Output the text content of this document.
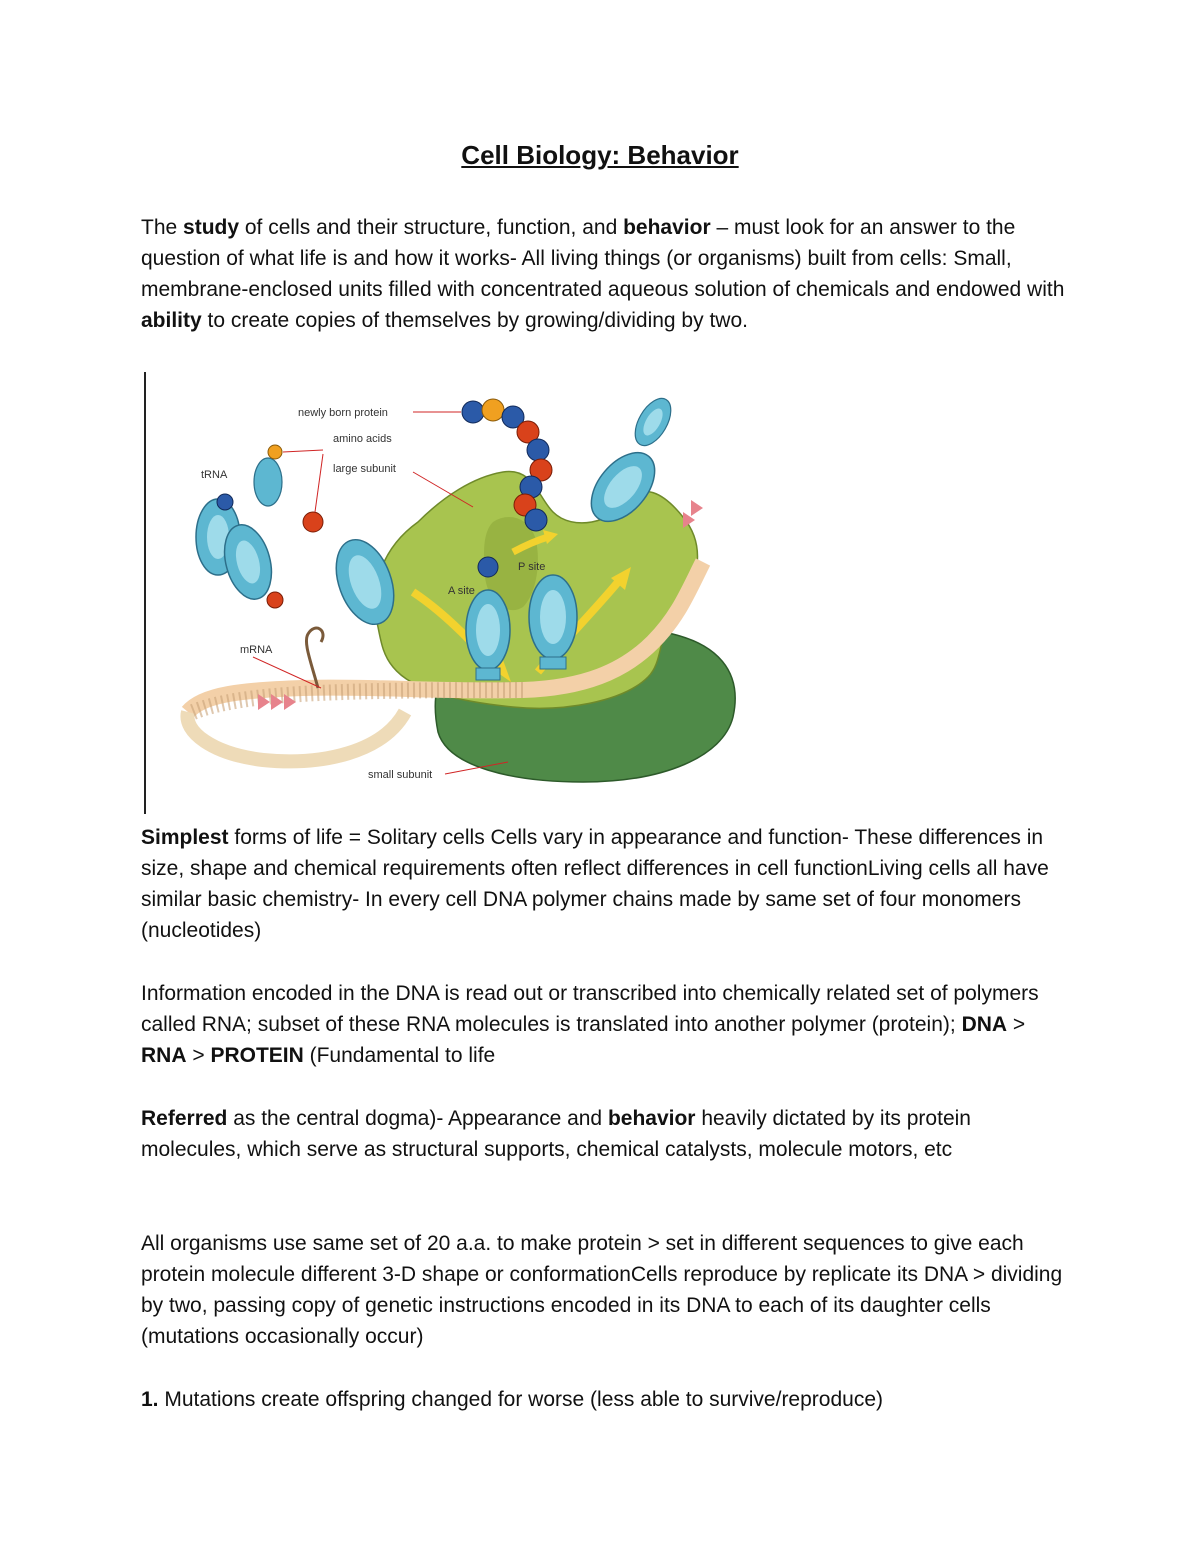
Cell Biology: Behavior
The study of cells and their structure, function, and behavior – must look for an answer to the question of what life is and how it works- All living things (or organisms) built from cells: Small, membrane-enclosed units filled with concentrated aqueous solution of chemicals and endowed with ability to create copies of themselves by growing/dividing by two.
newly born protein
amino acids
large subunit
tRNA
P site
A site
mRNA
small subunit
Simplest forms of life = Solitary cells Cells vary in appearance and function- These differences in size, shape and chemical requirements often reflect differences in cell functionLiving cells all have similar basic chemistry- In every cell DNA polymer chains made by same set of four monomers (nucleotides)
Information encoded in the DNA is read out or transcribed into chemically related set of polymers called RNA; subset of these RNA molecules is translated into another polymer (protein); DNA > RNA > PROTEIN (Fundamental to life
Referred as the central dogma)- Appearance and behavior heavily dictated by its protein molecules, which serve as structural supports, chemical catalysts, molecule motors, etc
All organisms use same set of 20 a.a. to make protein > set in different sequences to give each protein molecule different 3-D shape or conformationCells reproduce by replicate its DNA > dividing by two, passing copy of genetic instructions encoded in its DNA to each of its daughter cells (mutations occasionally occur)
1. Mutations create offspring changed for worse (less able to survive/reproduce)
